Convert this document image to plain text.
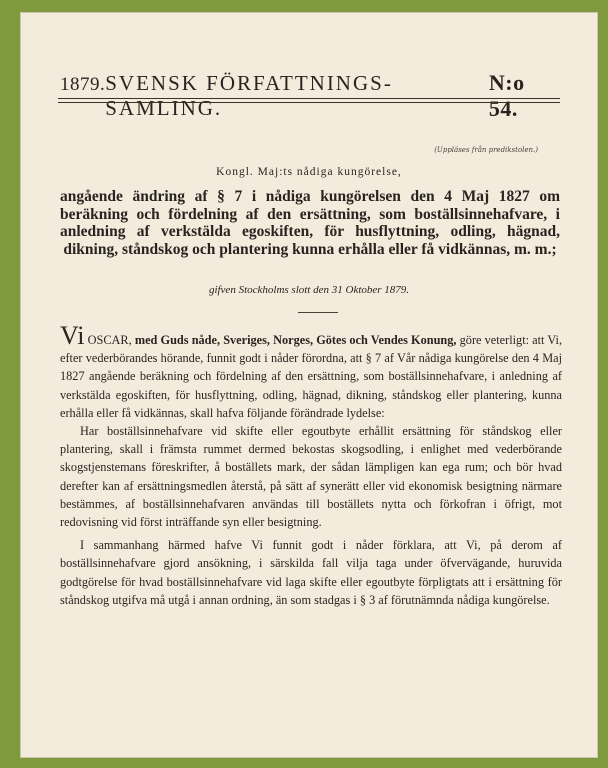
1879. SVENSK FÖRFATTNINGS-SAMLING.
N:o 54.
(Uppläses från predikstolen.)
Kongl. Maj:ts nådiga kungörelse,
angående ändring af § 7 i nådiga kungörelsen den 4 Maj 1827 om beräkning och fördelning af den ersättning, som boställsinnehafvare, i anledning af verkstälda egoskiften, för husflyttning, odling, hägnad, dikning, ståndskog och plantering kunna erhålla eller få vidkännas, m. m.;
gifven Stockholms slott den 31 Oktober 1879.

Vi OSCAR, med Guds nåde, Sveriges, Norges, Götes och Vendes Konung, göre veterligt: att Vi, efter vederbörandes hörande, funnit godt i nåder förordna, att § 7 af Vår nådiga kungörelse den 4 Maj 1827 angående beräkning och fördelning af den ersättning, som boställsinnehafvare, i anledning af verkstälda egoskiften, för husflyttning, odling, hägnad, dikning, ståndskog eller plantering, kunna erhålla eller få vidkännas, skall hafva följande förändrade lydelse:

Har boställsinnehafvare vid skifte eller egoutbyte erhållit ersättning för ståndskog eller plantering, skall i främsta rummet dermed bekostas skogsodling, i enlighet med vederbörande skogstjenstemans föreskrifter, å boställets mark, der sådan lämpligen kan ega rum; och bör hvad derefter kan af ersättningsmedlen återstå, på sätt af synerätt eller vid ekonomisk besigtning närmare bestämmes, af boställsinnehafvaren användas till boställets nytta och förkofran i öfrigt, mot redovisning vid först inträffande syn eller besigtning.

I sammanhang härmed hafve Vi funnit godt i nåder förklara, att Vi, på derom af boställsinnehafvare gjord ansökning, i särskilda fall vilja taga under öfvervägande, huruvida godtgörelse för hvad boställsinnehafvare vid laga skifte eller egoutbyte förpligtats att i ersättning för ståndskog utgifva må utgå i annan ordning, än som stadgas i § 3 af förutnämnda nådiga kungörelse.
